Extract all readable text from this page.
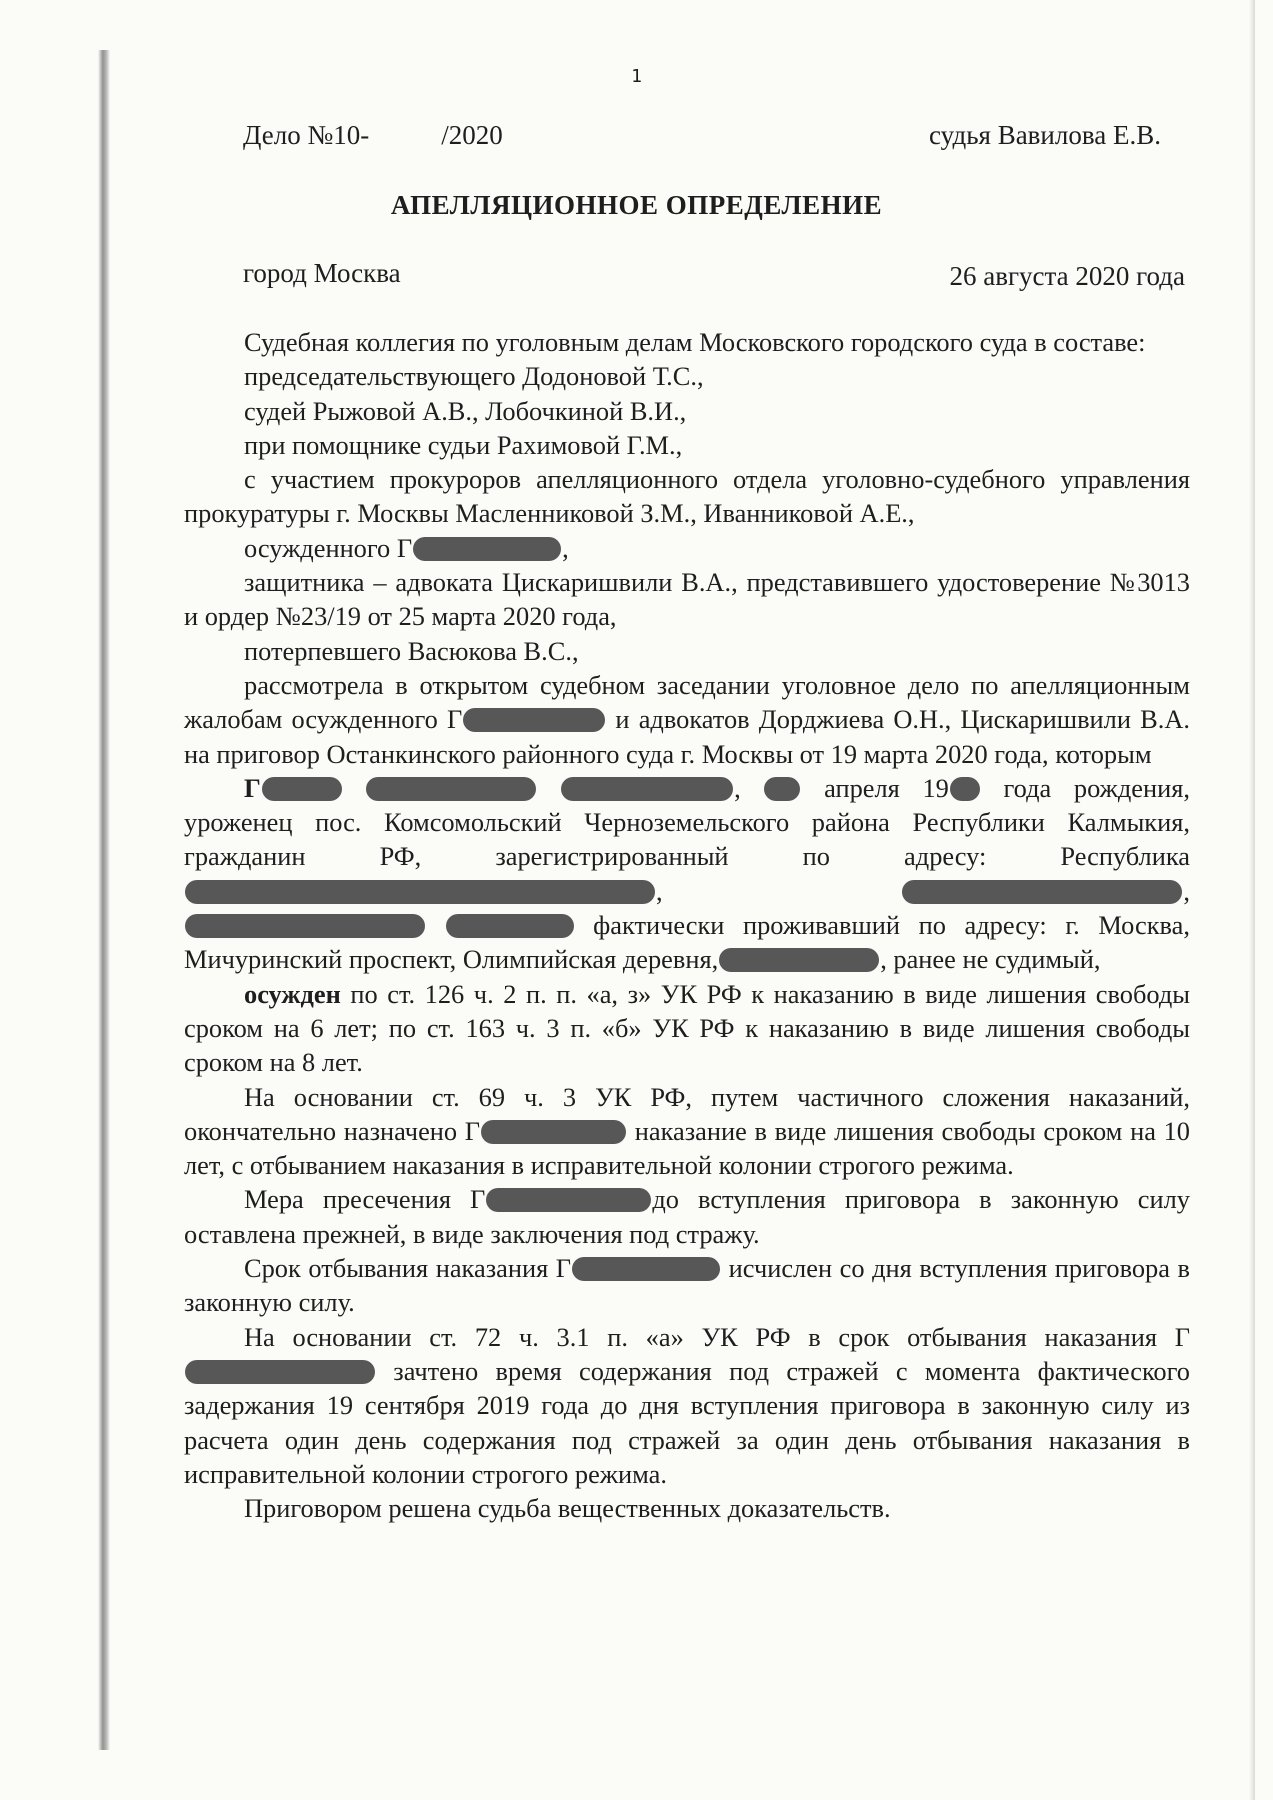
1
Дело №10-	/2020	судья Вавилова Е.В.
АПЕЛЛЯЦИОННОЕ ОПРЕДЕЛЕНИЕ
город Москва	26 августа 2020 года

Судебная коллегия по уголовным делам Московского городского суда в составе:

председательствующего Додоновой Т.С.,

судей Рыжовой А.В., Лобочкиной В.И.,

при помощнике судьи Рахимовой Г.М.,

с участием прокуроров апелляционного отдела уголовно-судебного управления прокуратуры г. Москвы Масленниковой З.М., Иванниковой А.Е.,

осужденного Г	,

защитника – адвоката Цискаришвили В.А., представившего удостоверение №3013 и ордер №23/19 от 25 марта 2020 года,

потерпевшего Васюкова В.С.,

рассмотрела в открытом судебном заседании уголовное дело по апелляционным жалобам осужденного Г	и адвокатов Дорджиева О.Н., Цискаришвили В.А. на приговор Останкинского районного суда г. Москвы от 19 марта 2020 года, которым

Г	,  апреля 19 года рождения, уроженец пос. Комсомольский Черноземельского района Республики Калмыкия, гражданин РФ, зарегистрированный по адресу: Республика ,	,   фактически проживавший по адресу: г. Москва, Мичуринский проспект, Олимпийская деревня,	, ранее не судимый,

осужден по ст. 126 ч. 2 п. п. «а, з» УК РФ к наказанию в виде лишения свободы сроком на 6 лет; по ст. 163 ч. 3 п. «б» УК РФ к наказанию в виде лишения свободы сроком на 8 лет.

На основании ст. 69 ч. 3 УК РФ, путем частичного сложения наказаний, окончательно назначено Г	наказание в виде лишения свободы сроком на 10 лет, с отбыванием наказания в исправительной колонии строгого режима.

Мера пресечения Г	до вступления приговора в законную силу оставлена прежней, в виде заключения под стражу.

Срок отбывания наказания Г	исчислен со дня вступления приговора в законную силу.

На основании ст. 72 ч. 3.1 п. «а» УК РФ в срок отбывания наказания Г зачтено время содержания под стражей с момента фактического задержания 19 сентября 2019 года до дня вступления приговора в законную силу из расчета один день содержания под стражей за один день отбывания наказания в исправительной колонии строгого режима.

Приговором решена судьба вещественных доказательств.
